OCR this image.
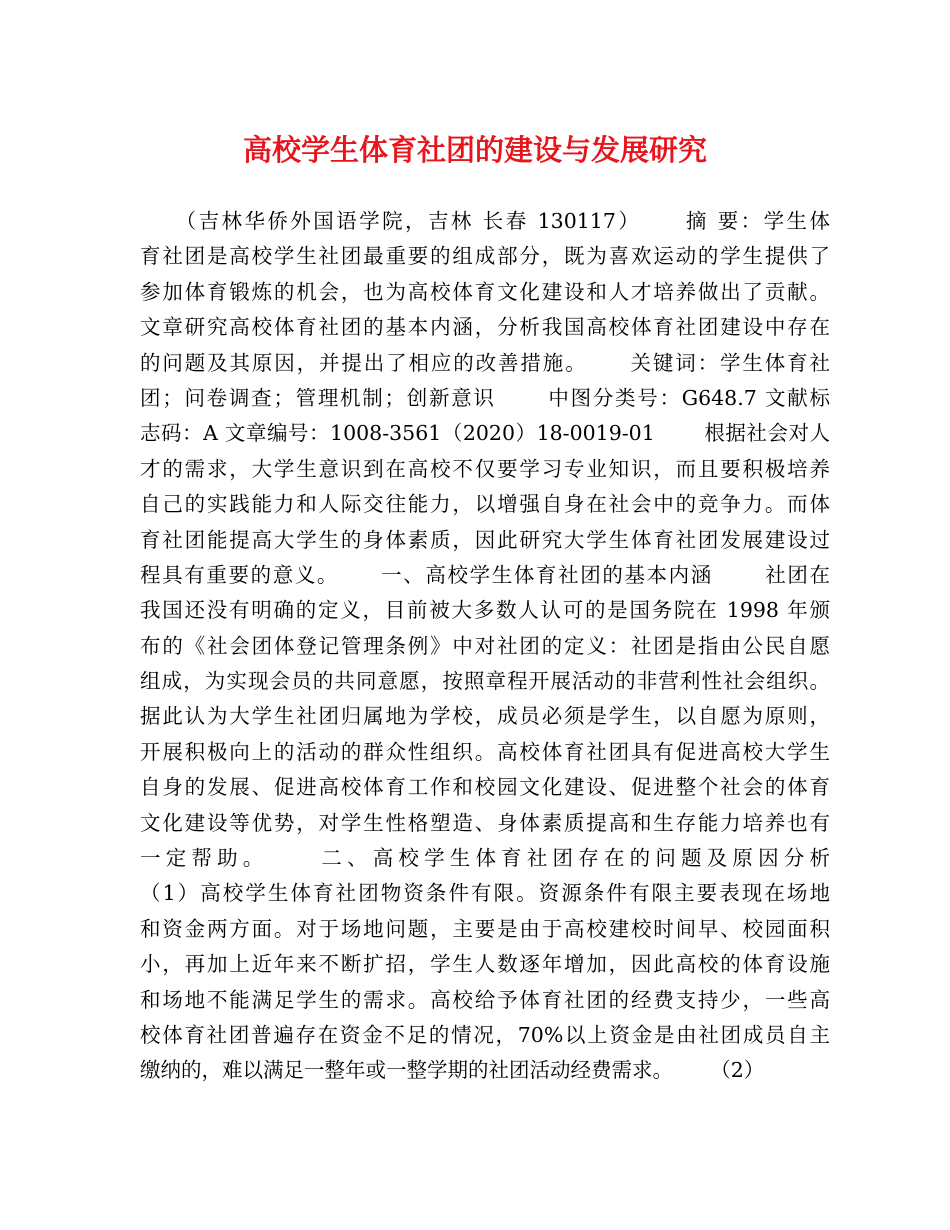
高校学生体育社团的建设与发展研究
　　（吉林华侨外国语学院，吉林 长春 130117）　　 摘 要：学生体
育社团是高校学生社团最重要的组成部分，既为喜欢运动的学生提供了
参加体育锻炼的机会，也为高校体育文化建设和人才培养做出了贡献。
文章研究高校体育社团的基本内涵，分析我国高校体育社团建设中存在
的问题及其原因，并提出了相应的改善措施。　　 关键词：学生体育社
团；问卷调查；管理机制；创新意识　　 中图分类号：G648.7 文献标
志码：A 文章编号：1008-3561（2020）18-0019-01　　 根据社会对人
才的需求，大学生意识到在高校不仅要学习专业知识，而且要积极培养
自己的实践能力和人际交往能力，以增强自身在社会中的竞争力。而体
育社团能提高大学生的身体素质，因此研究大学生体育社团发展建设过
程具有重要的意义。　　 一、高校学生体育社团的基本内涵　　 社团在
我国还没有明确的定义，目前被大多数人认可的是国务院在 1998 年颁
布的《社会团体登记管理条例》中对社团的定义：社团是指由公民自愿
组成，为实现会员的共同意愿，按照章程开展活动的非营利性社会组织。
据此认为大学生社团归属地为学校，成员必须是学生，以自愿为原则，
开展积极向上的活动的群众性组织。高校体育社团具有促进高校大学生
自身的发展、促进高校体育工作和校园文化建设、促进整个社会的体育
文化建设等优势，对学生性格塑造、身体素质提高和生存能力培养也有
一定帮助。　　 二、高校学生体育社团存在的问题及原因分析
（1）高校学生体育社团物资条件有限。资源条件有限主要表现在场地
和资金两方面。对于场地问题，主要是由于高校建校时间早、校园面积
小，再加上近年来不断扩招，学生人数逐年增加，因此高校的体育设施
和场地不能满足学生的需求。高校给予体育社团的经费支持少，一些高
校体育社团普遍存在资金不足的情况，70%以上资金是由社团成员自主
缴纳的，难以满足一整年或一整学期的社团活动经费需求。　　 （2）
